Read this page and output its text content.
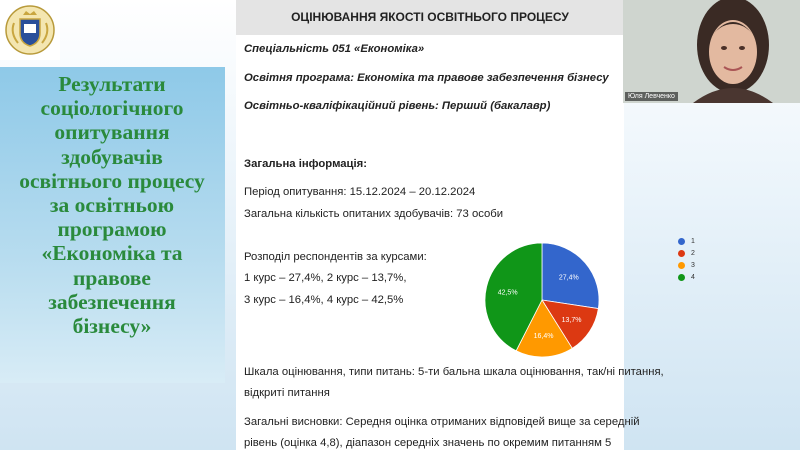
Результати
соціологічного
опитування
здобувачів
освітнього процесу
за освітньою
програмою
«Економіка та
правове
забезпечення
бізнесу»
ОЦІНЮВАННЯ ЯКОСТІ ОСВІТНЬОГО ПРОЦЕСУ
Спеціальність 051 «Економіка»
Освітня програма: Економіка та правове забезпечення бізнесу
Освітньо-кваліфікаційний рівень: Перший (бакалавр)
Загальна інформація:
Період опитування: 15.12.2024 – 20.12.2024
Загальна кількість опитаних здобувачів: 73 особи
Розподіл респондентів за курсами:
1 курс – 27,4%, 2 курс – 13,7%,
3 курс – 16,4%, 4 курс – 42,5%
27,4%
13,7%
16,4%
42,5%
Шкала оцінювання, типи питань: 5-ти бальна шкала оцінювання, так/ні питання,
відкриті питання
Загальні висновки: Середня оцінка отриманих відповідей вище за середній
рівень (оцінка 4,8), діапазон середніх значень по окремим питанням 5
1
2
3
4
Юля Левченко
